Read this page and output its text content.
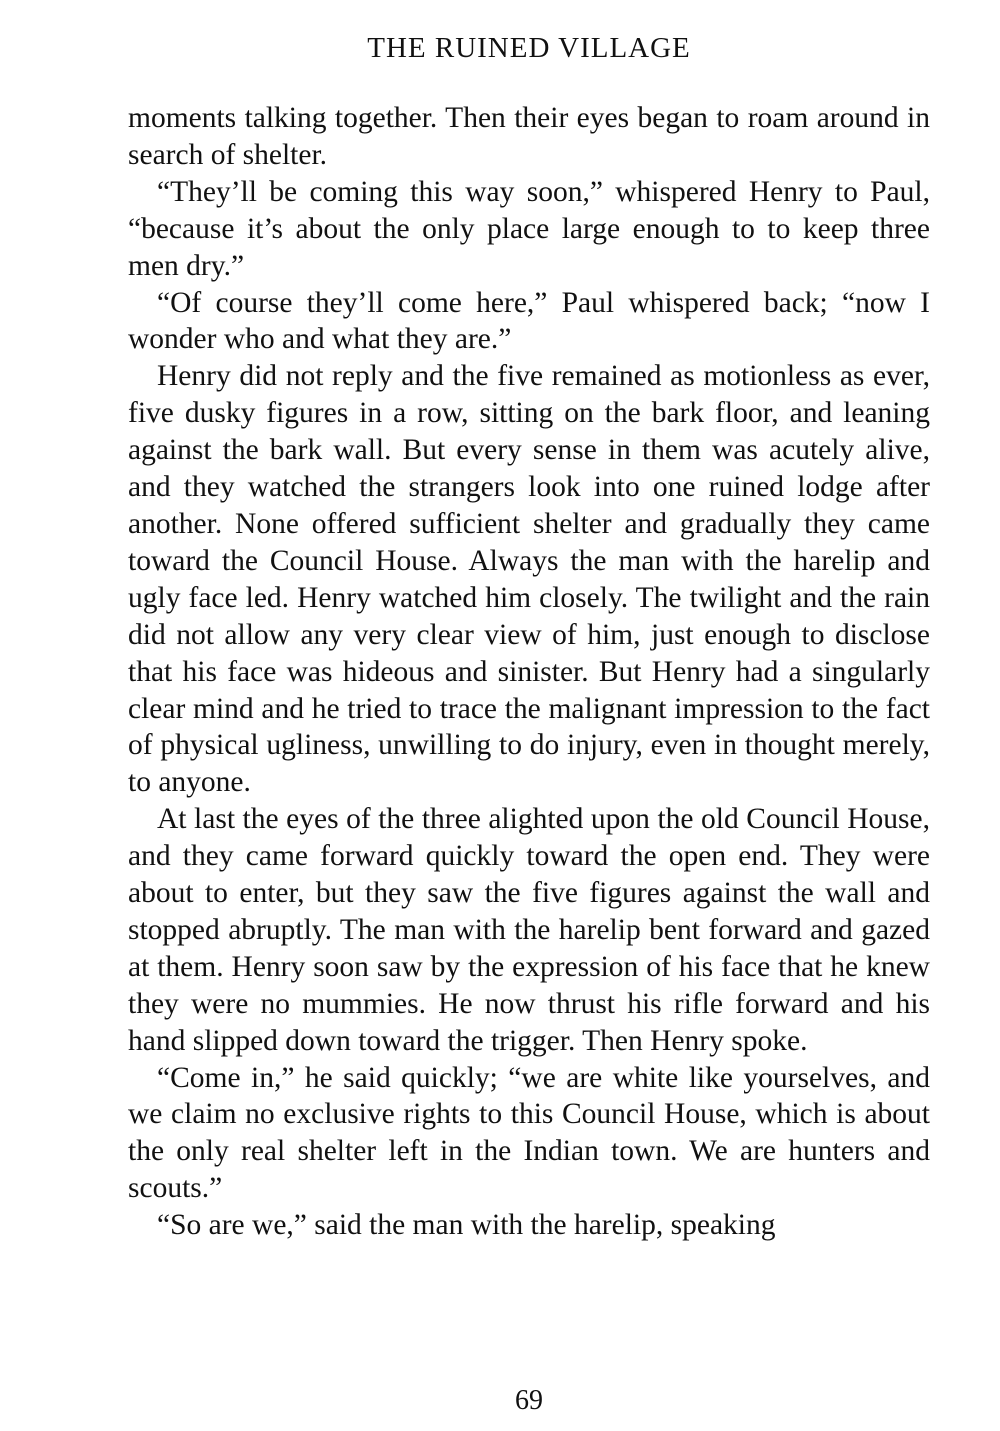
THE RUINED VILLAGE

moments talking together. Then their eyes began to roam around in search of shelter.

“They’ll be coming this way soon,” whispered Henry to Paul, “because it’s about the only place large enough to to keep three men dry.”

“Of course they’ll come here,” Paul whispered back; “now I wonder who and what they are.”

Henry did not reply and the five remained as motionless as ever, five dusky figures in a row, sitting on the bark floor, and leaning against the bark wall. But every sense in them was acutely alive, and they watched the strangers look into one ruined lodge after another. None offered sufficient shelter and gradually they came toward the Council House. Always the man with the harelip and ugly face led. Henry watched him closely. The twilight and the rain did not allow any very clear view of him, just enough to disclose that his face was hideous and sinister. But Henry had a singularly clear mind and he tried to trace the malignant impression to the fact of physical ugliness, unwilling to do injury, even in thought merely, to anyone.

At last the eyes of the three alighted upon the old Council House, and they came forward quickly toward the open end. They were about to enter, but they saw the five figures against the wall and stopped abruptly. The man with the harelip bent forward and gazed at them. Henry soon saw by the expression of his face that he knew they were no mummies. He now thrust his rifle forward and his hand slipped down toward the trigger. Then Henry spoke.

“Come in,” he said quickly; “we are white like yourselves, and we claim no exclusive rights to this Council House, which is about the only real shelter left in the Indian town. We are hunters and scouts.”

“So are we,” said the man with the harelip, speaking

69
